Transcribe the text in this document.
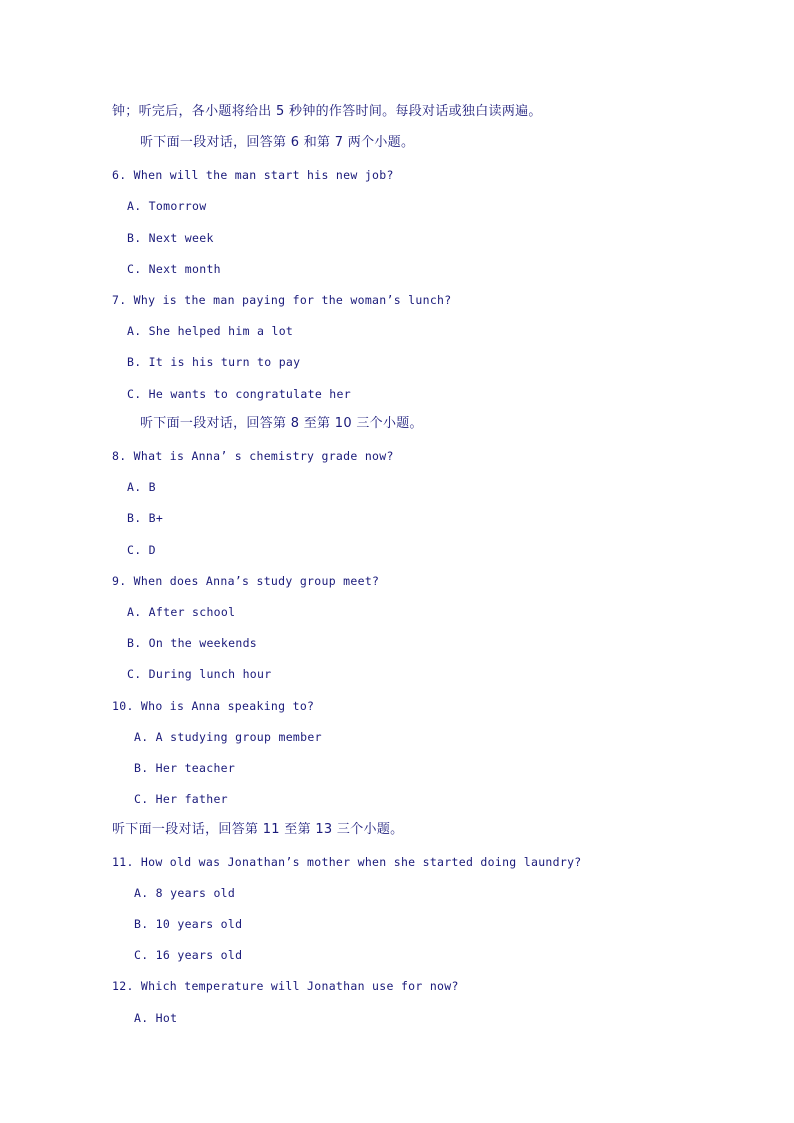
钟；听完后，各小题将给出 5 秒钟的作答时间。每段对话或独白读两遍。
听下面一段对话，回答第 6 和第 7 两个小题。
6. When will the man start his new job?
A. Tomorrow
B. Next week
C. Next month
7. Why is the man paying for the woman’s lunch?
A. She helped him a lot
B. It is his turn to pay
C. He wants to congratulate her
听下面一段对话，回答第 8 至第 10 三个小题。
8. What is Anna’ s chemistry grade now?
A. B
B. B+
C. D
9. When does Anna’s study group meet?
A. After school
B. On the weekends
C. During lunch hour
10. Who is Anna speaking to?
A. A studying group member
B. Her teacher
C. Her father
听下面一段对话，回答第 11 至第 13 三个小题。
11. How old was Jonathan’s mother when she started doing laundry?
A. 8 years old
B. 10 years old
C. 16 years old
12. Which temperature will Jonathan use for now?
A. Hot
